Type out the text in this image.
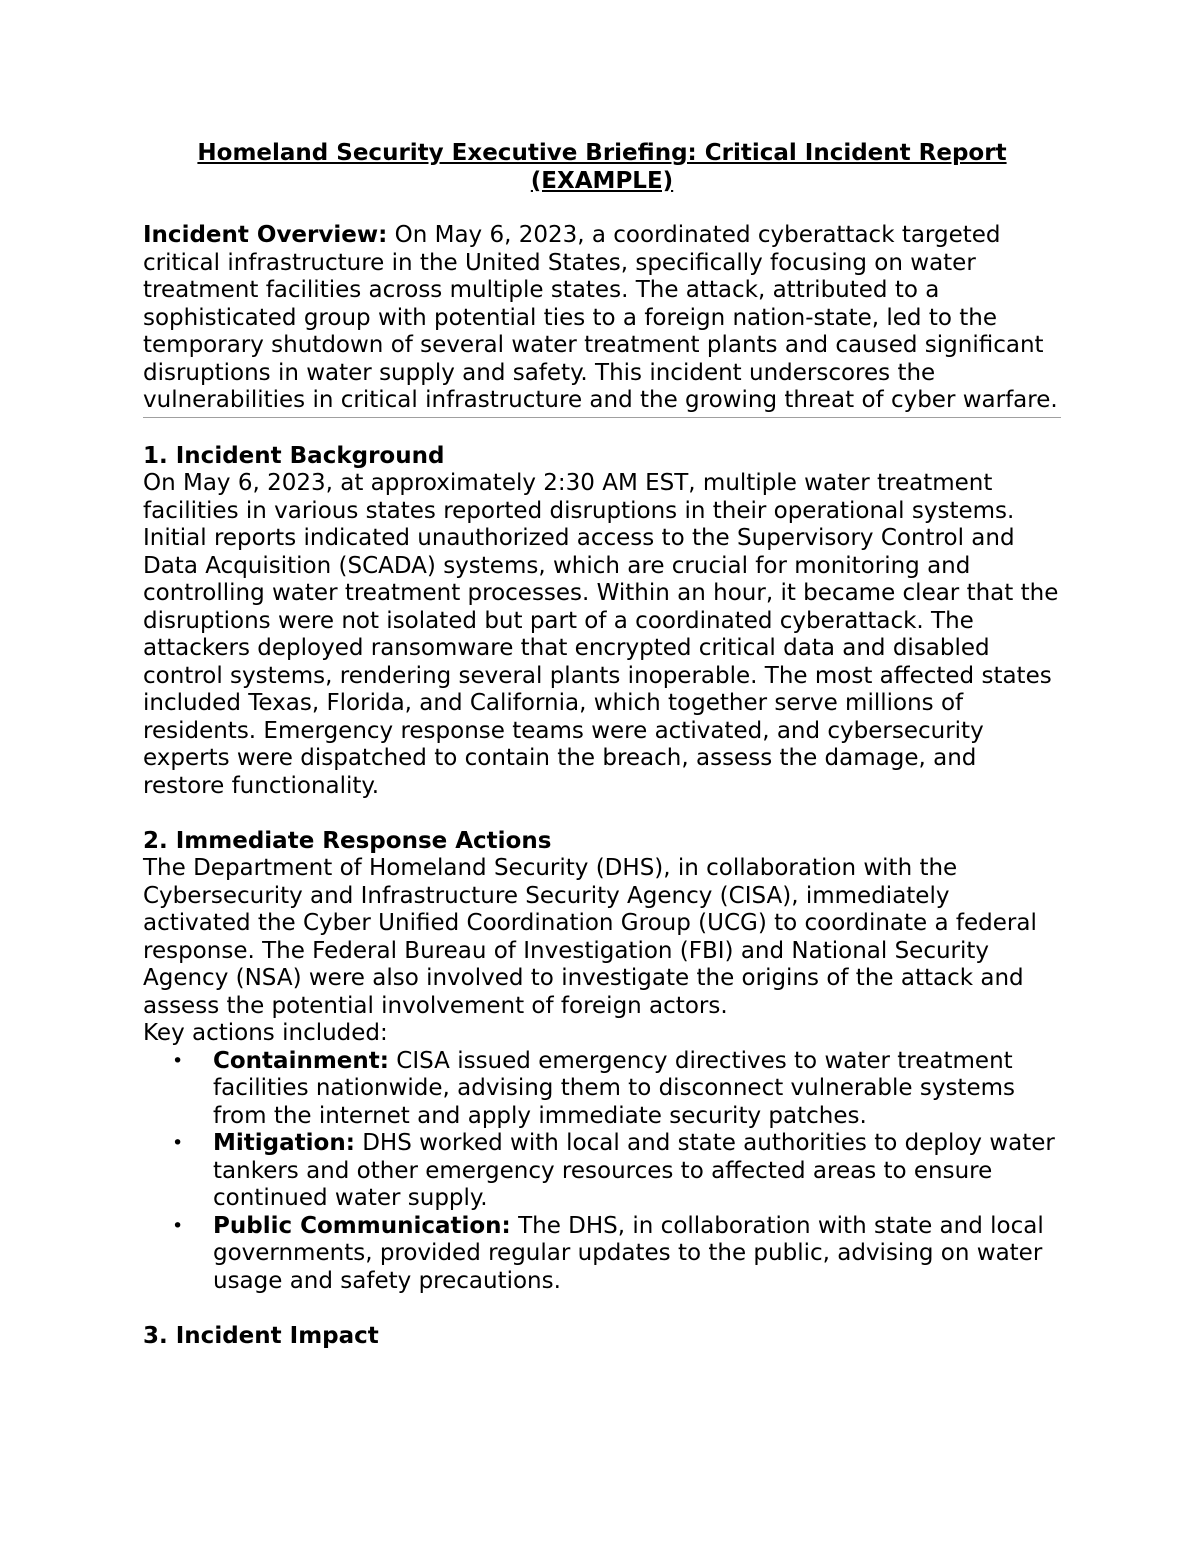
Homeland Security Executive Briefing: Critical Incident Report
(EXAMPLE)

Incident Overview: On May 6, 2023, a coordinated cyberattack targeted critical infrastructure in the United States, specifically focusing on water treatment facilities across multiple states. The attack, attributed to a sophisticated group with potential ties to a foreign nation-state, led to the temporary shutdown of several water treatment plants and caused significant disruptions in water supply and safety. This incident underscores the vulnerabilities in critical infrastructure and the growing threat of cyber warfare.

1. Incident Background

On May 6, 2023, at approximately 2:30 AM EST, multiple water treatment facilities in various states reported disruptions in their operational systems. Initial reports indicated unauthorized access to the Supervisory Control and Data Acquisition (SCADA) systems, which are crucial for monitoring and controlling water treatment processes. Within an hour, it became clear that the disruptions were not isolated but part of a coordinated cyberattack. The attackers deployed ransomware that encrypted critical data and disabled control systems, rendering several plants inoperable. The most affected states included Texas, Florida, and California, which together serve millions of residents. Emergency response teams were activated, and cybersecurity experts were dispatched to contain the breach, assess the damage, and restore functionality.

2. Immediate Response Actions

The Department of Homeland Security (DHS), in collaboration with the Cybersecurity and Infrastructure Security Agency (CISA), immediately activated the Cyber Unified Coordination Group (UCG) to coordinate a federal response. The Federal Bureau of Investigation (FBI) and National Security Agency (NSA) were also involved to investigate the origins of the attack and assess the potential involvement of foreign actors.

Key actions included:

• Containment: CISA issued emergency directives to water treatment facilities nationwide, advising them to disconnect vulnerable systems from the internet and apply immediate security patches.
• Mitigation: DHS worked with local and state authorities to deploy water tankers and other emergency resources to affected areas to ensure continued water supply.
• Public Communication: The DHS, in collaboration with state and local governments, provided regular updates to the public, advising on water usage and safety precautions.

3. Incident Impact
